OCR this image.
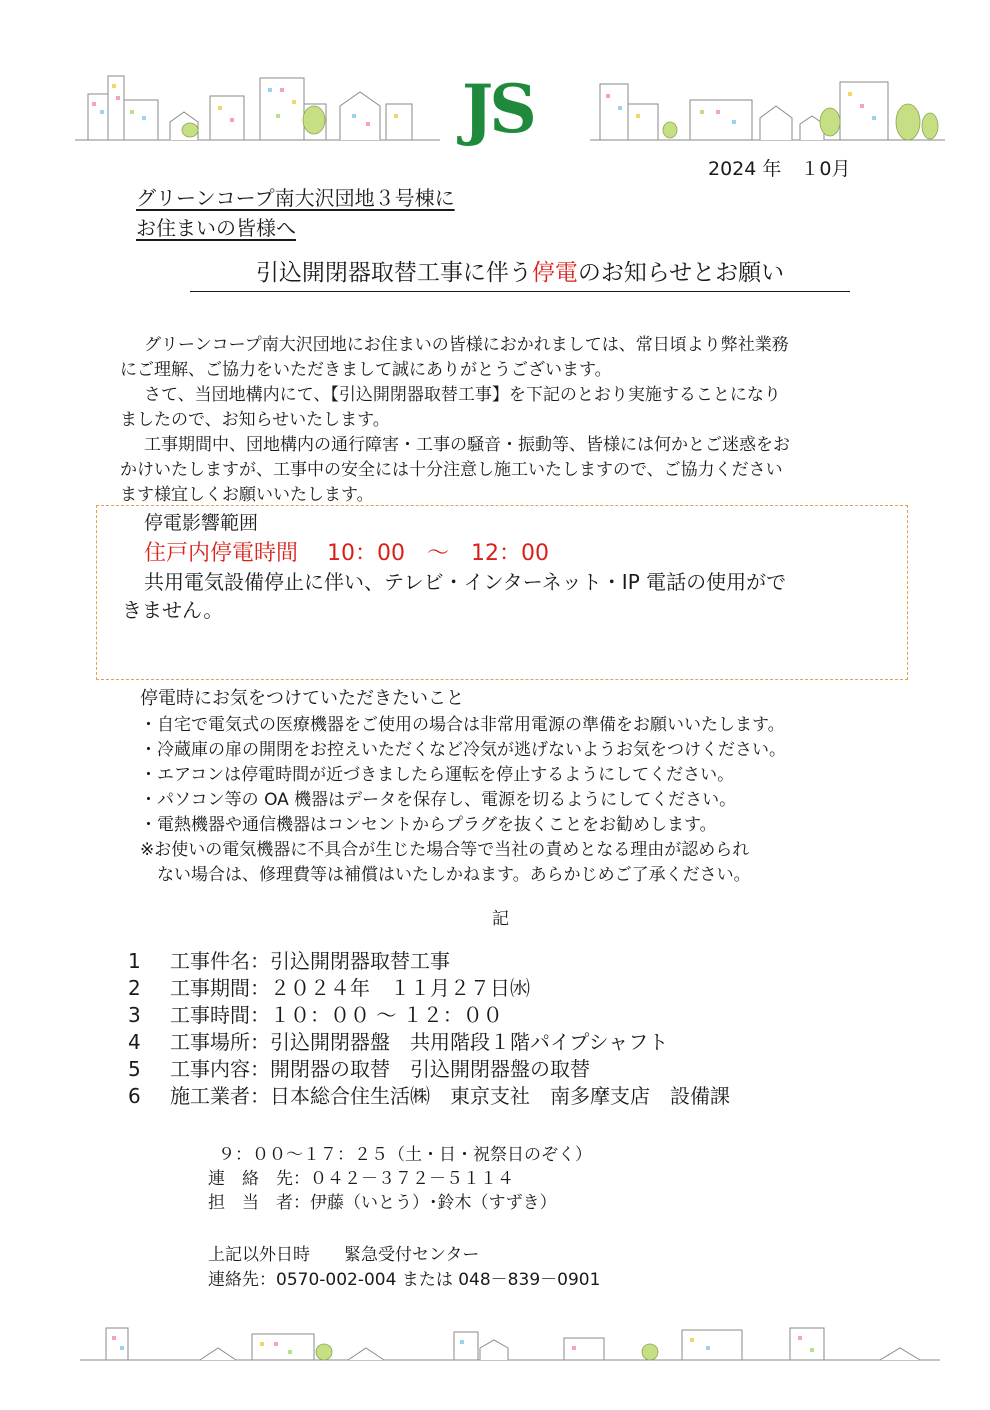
JS
2024 年　１0月
グリーンコープ南大沢団地３号棟に
お住まいの皆様へ
引込開閉器取替工事に伴う停電のお知らせとお願い
グリーンコープ南大沢団地にお住まいの皆様におかれましては、常日頃より弊社業務
にご理解、ご協力をいただきまして誠にありがとうございます。
さて、当団地構内にて、【引込開閉器取替工事】を下記のとおり実施することになり
ましたので、お知らせいたします。
工事期間中、団地構内の通行障害・工事の騒音・振動等、皆様には何かとご迷惑をお
かけいたしますが、工事中の安全には十分注意し施工いたしますので、ご協力ください
ます様宜しくお願いいたします。
停電影響範囲
住戸内停電時間 10：00　～　12：00
共用電気設備停止に伴い、テレビ・インターネット・IP 電話の使用がで
きません。
停電時にお気をつけていただきたいこと
・自宅で電気式の医療機器をご使用の場合は非常用電源の準備をお願いいたします。
・冷蔵庫の扉の開閉をお控えいただくなど冷気が逃げないようお気をつけください。
・エアコンは停電時間が近づきましたら運転を停止するようにしてください。
・パソコン等の OA 機器はデータを保存し、電源を切るようにしてください。
・電熱機器や通信機器はコンセントからプラグを抜くことをお勧めします。
※お使いの電気機器に不具合が生じた場合等で当社の責めとなる理由が認められ
　ない場合は、修理費等は補償はいたしかねます。あらかじめご了承ください。
記
1 工事件名：引込開閉器取替工事
2 工事期間：２０２４年　１１月２７日㈬
3 工事時間：１０：００ ～ １２：００
4 工事場所：引込開閉器盤　共用階段１階パイプシャフト
5 工事内容：開閉器の取替　引込開閉器盤の取替
6 施工業者：日本総合住生活㈱　東京支社　南多摩支店　設備課
９：００～１７：２５（土・日・祝祭日のぞく）
連　絡　先：０４２－３７２－５１１４
担　当　者：伊藤（いとう）･鈴木（すずき）
上記以外日時　　緊急受付センター
連絡先：0570-002-004 または 048－839－0901
